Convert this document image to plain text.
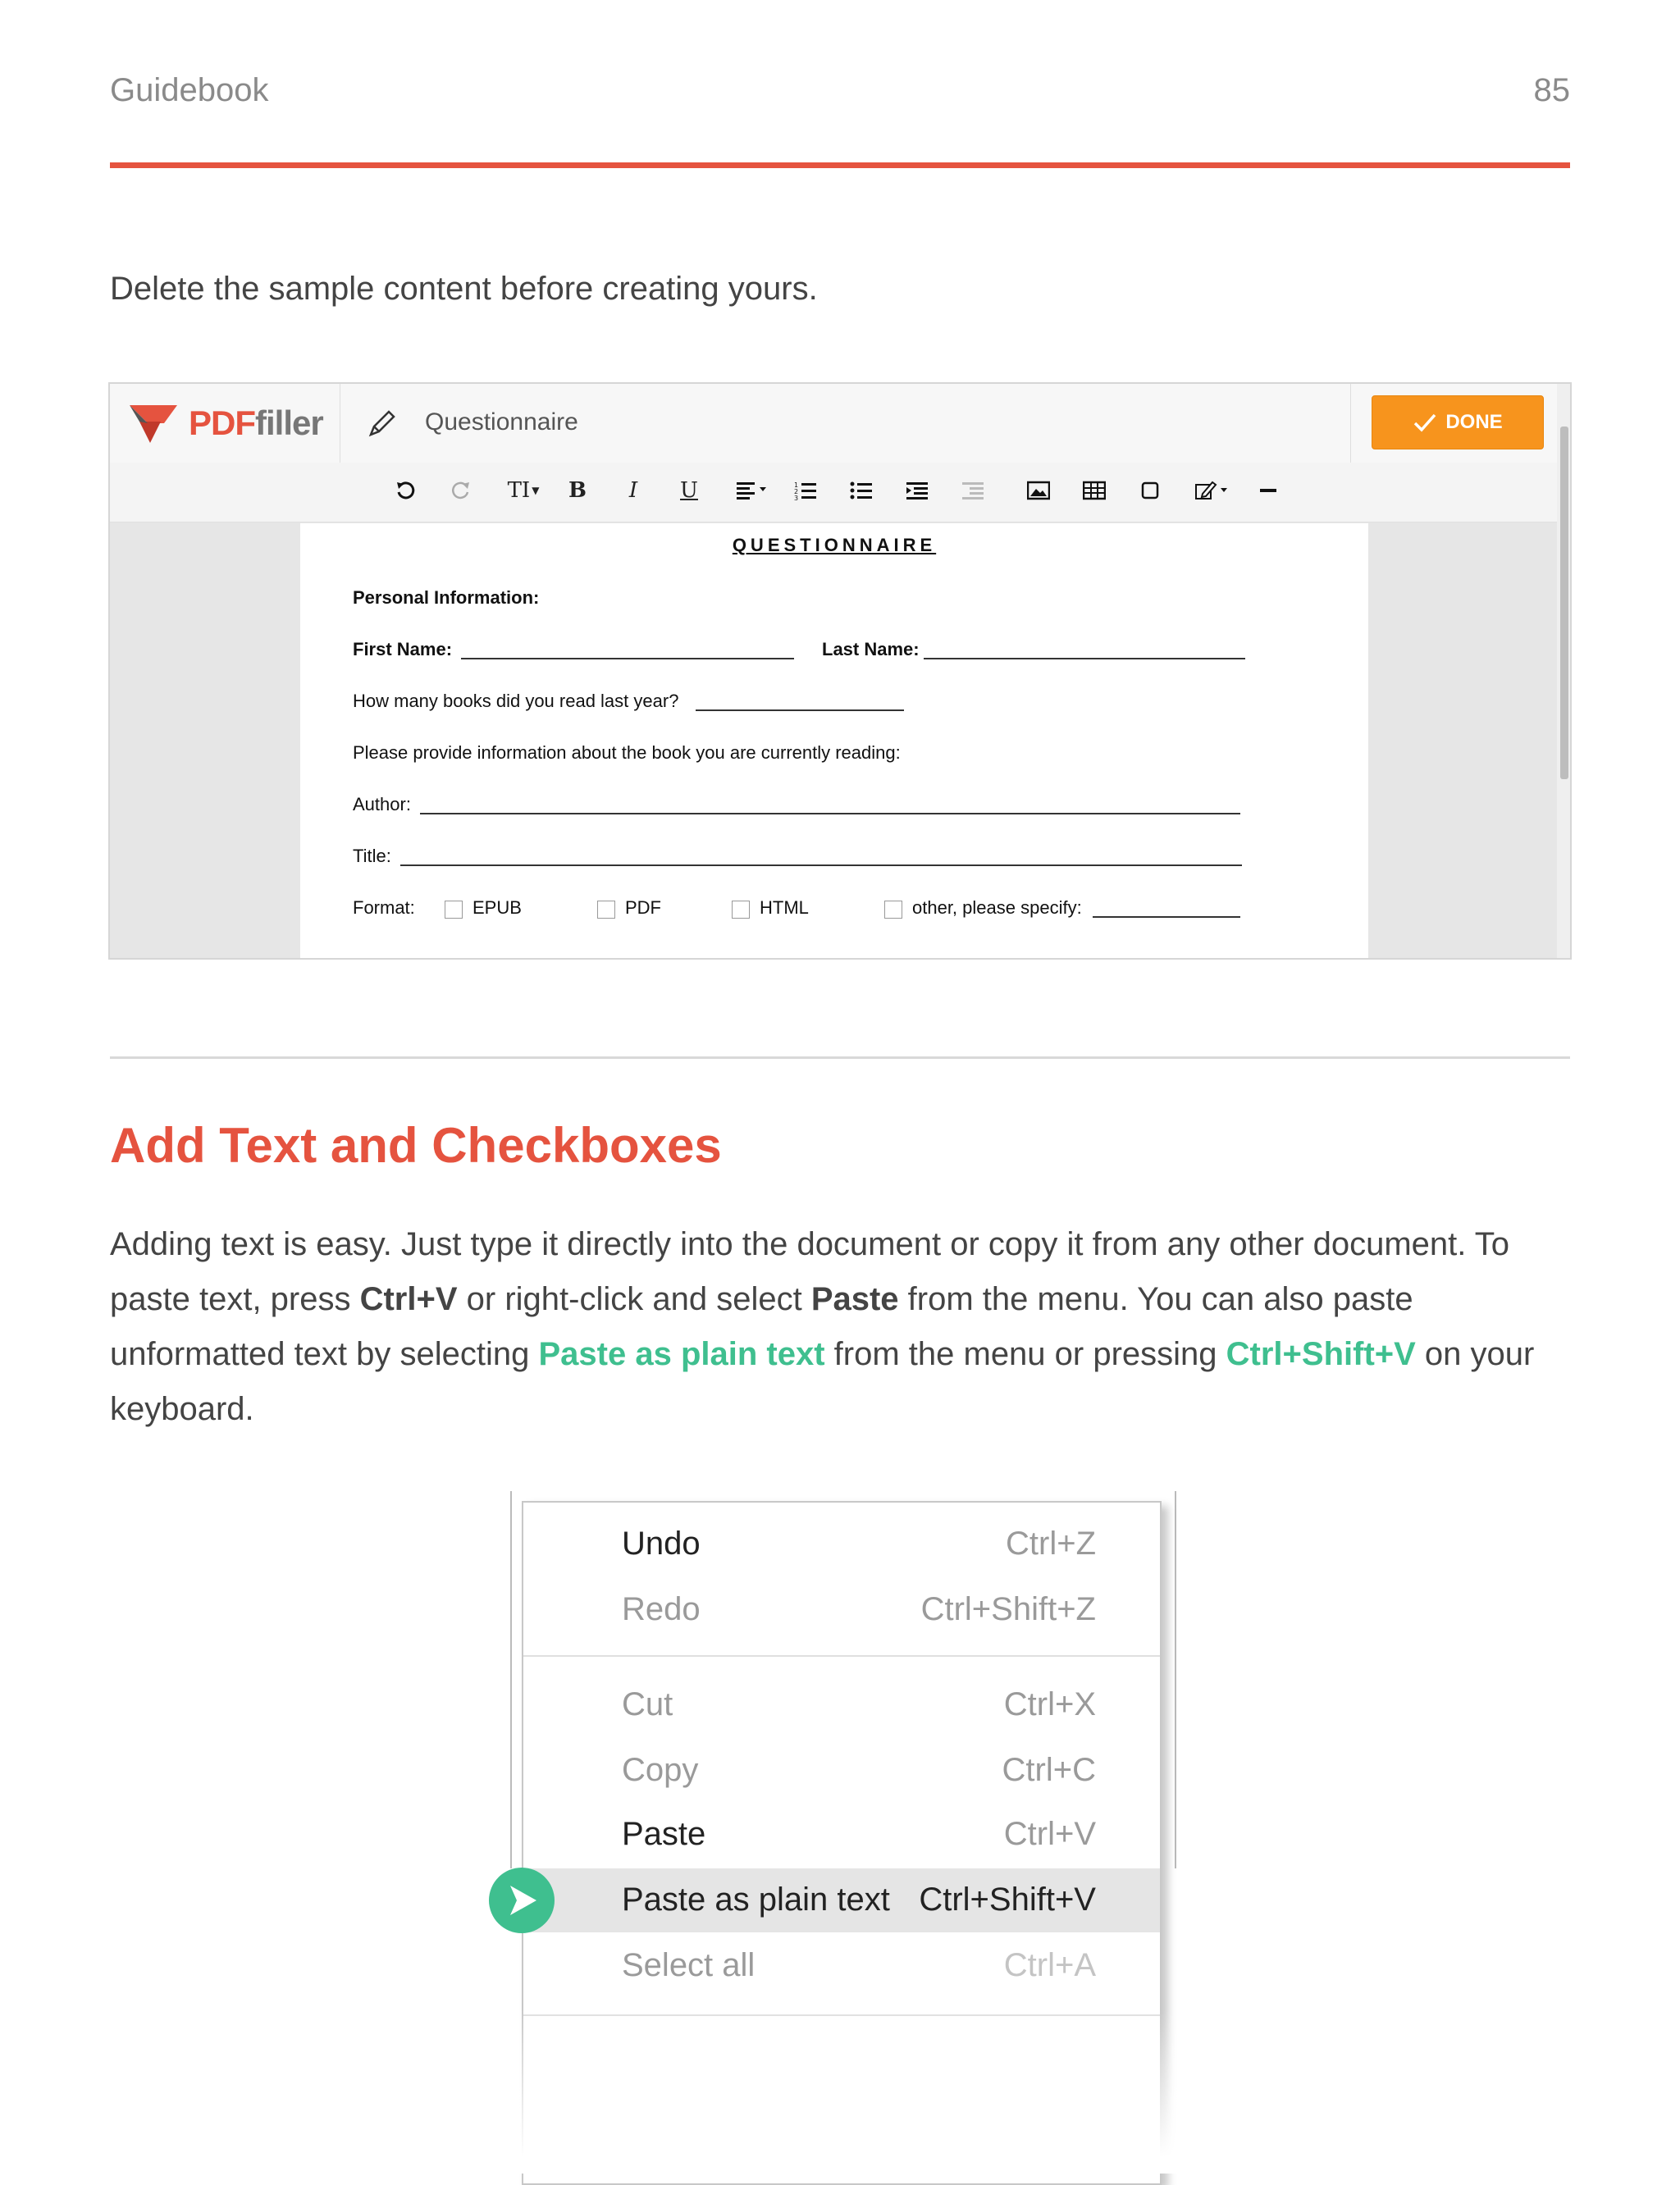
Guidebook	85
Delete the sample content before creating yours.
PDFfiller	Questionnaire	DONE
TI ▼	B	I	U	1
2
3
QUESTIONNAIRE
Personal Information:
First Name:	Last Name:
How many books did you read last year?
Please provide information about the book you are currently reading:
Author:
Title:
Format:	EPUB	PDF	HTML	other, please specify:
Add Text and Checkboxes
Adding text is easy. Just type it directly into the document or copy it from any other document. To paste text, press Ctrl+V or right-click and select Paste from the menu. You can also paste unformatted text by selecting Paste as plain text from the menu or pressing Ctrl+Shift+V on your keyboard.
Undo	Ctrl+Z
Redo	Ctrl+Shift+Z
Cut	Ctrl+X
Copy	Ctrl+C
Paste	Ctrl+V
Paste as plain text Ctrl+Shift+V
Select all	Ctrl+A
